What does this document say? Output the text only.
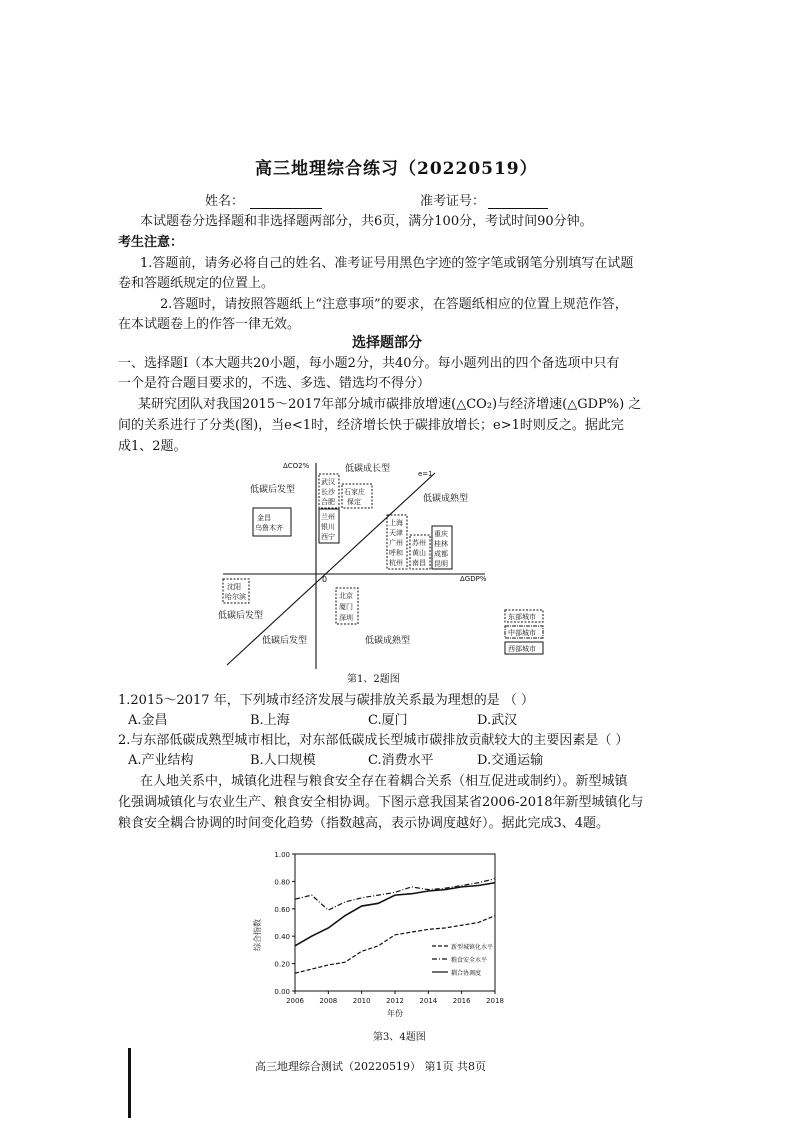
高三地理综合练习（20220519）
姓名：	准考证号：
本试题卷分选择题和非选择题两部分，共6页，满分100分，考试时间90分钟。
考生注意：
1.答题前，请务必将自己的姓名、准考证号用黑色字迹的签字笔或钢笔分别填写在试题
卷和答题纸规定的位置上。
2.答题时，请按照答题纸上“注意事项”的要求，在答题纸相应的位置上规范作答，
在本试题卷上的作答一律无效。
选择题部分
一、选择题Ⅰ（本大题共20小题，每小题2分，共40分。每小题列出的四个备选项中只有
一个是符合题目要求的，不选、多选、错选均不得分）
某研究团队对我国2015～2017年部分城市碳排放增速(△CO₂)与经济增速(△GDP%) 之
间的关系进行了分类(图)，当e<1时，经济增长快于碳排放增长；e>1时则反之。据此完
成1、2题。
ΔCO2%
ΔGDP%
0
e=1
低碳成长型
低碳后发型
低碳成熟型
低碳后发型
低碳后发型	低碳成熟型
金昌
乌鲁木齐
武汉
长沙
合肥
石家庄
保定
兰州
银川
西宁
上海
天津
广州
呼和
杭州
苏州
黄山
南昌
重庆
桂林
成都
昆明
沈阳
哈尔滨	北京
厦门
深圳	东部城市
中部城市
西部城市
第1、2题图
1.2015～2017 年，下列城市经济发展与碳排放关系最为理想的是 （ ）
A.金昌	B.上海	C.厦门	D.武汉
2.与东部低碳成熟型城市相比，对东部低碳成长型城市碳排放贡献较大的主要因素是（ ）
A.产业结构	B.人口规模	C.消费水平	D.交通运输
在人地关系中，城镇化进程与粮食安全存在着耦合关系（相互促进或制约）。新型城镇
化强调城镇化与农业生产、粮食安全相协调。下图示意我国某省2006-2018年新型城镇化与
粮食安全耦合协调的时间变化趋势（指数越高，表示协调度越好）。据此完成3、4题。
0.00
0.20
0.40
0.60
0.80
1.00
2006 2008 2010 2012 2014 2016 2018
综合指数
年份
新型城镇化水平
粮食安全水平
耦合协调度
第3、4题图
高三地理综合测试（20220519） 第1页 共8页
